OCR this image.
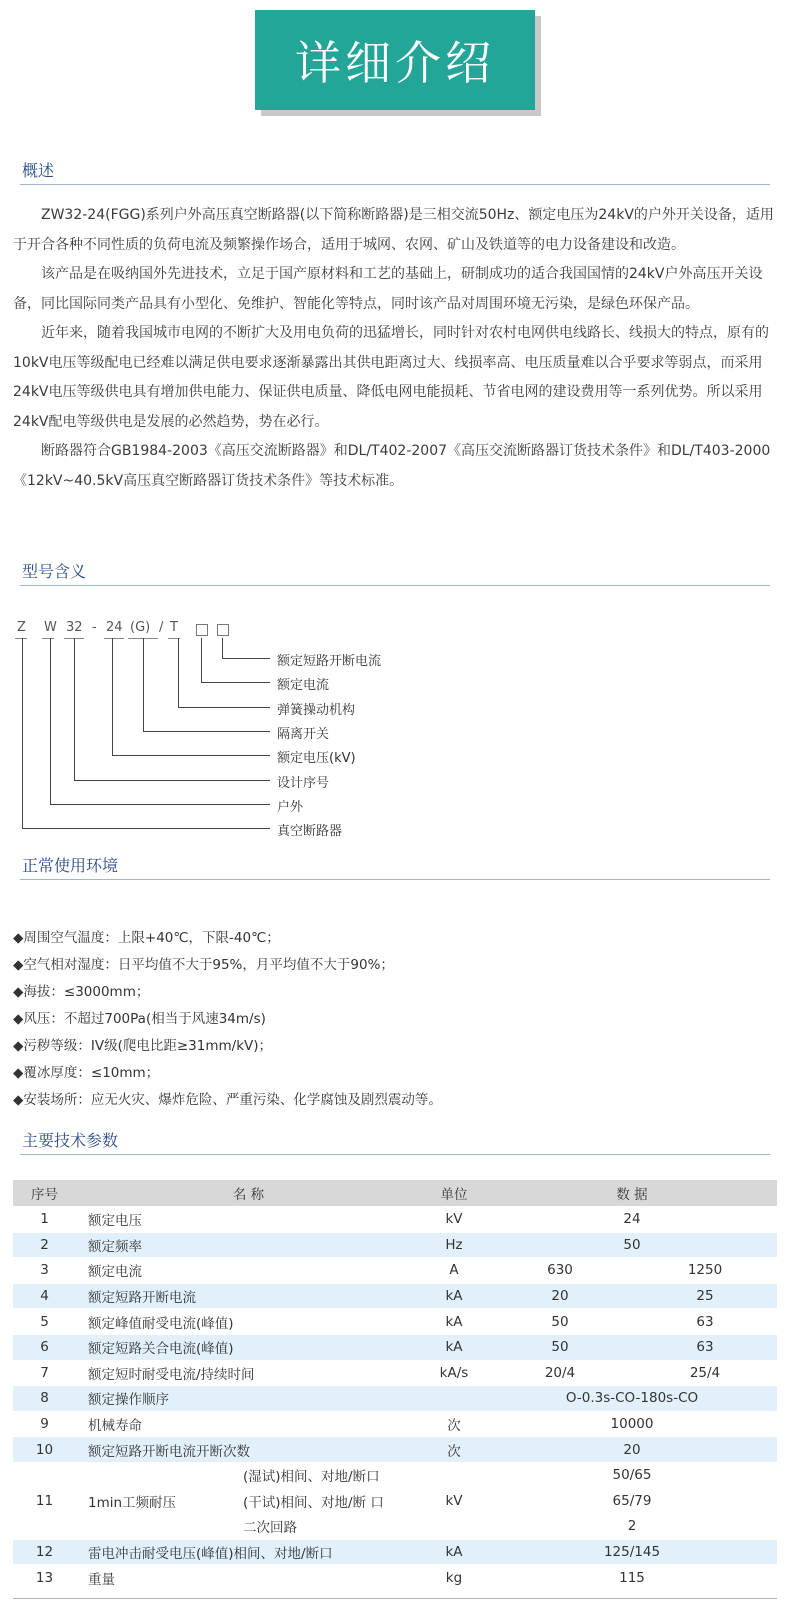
详细介绍
概述

ZW32-24(FGG)系列户外高压真空断路器(以下简称断路器)是三相交流50Hz、额定电压为24kV的户外开关设备，适用于开合各种不同性质的负荷电流及频繁操作场合，适用于城网、农网、矿山及铁道等的电力设备建设和改造。

该产品是在吸纳国外先进技术，立足于国产原材料和工艺的基础上，研制成功的适合我国国情的24kV户外高压开关设备，同比国际同类产品具有小型化、免维护、智能化等特点，同时该产品对周围环境无污染，是绿色环保产品。

近年来，随着我国城市电网的不断扩大及用电负荷的迅猛增长，同时针对农村电网供电线路长、线损大的特点，原有的10kV电压等级配电已经难以满足供电要求逐渐暴露出其供电距离过大、线损率高、电压质量难以合乎要求等弱点，而采用24kV电压等级供电具有增加供电能力、保证供电质量、降低电网电能损耗、节省电网的建设费用等一系列优势。所以采用24kV配电等级供电是发展的必然趋势，势在必行。

断路器符合GB1984-2003《高压交流断路器》和DL/T402-2007《高压交流断路器订货技术条件》和DL/T403-2000《12kV~40.5kV高压真空断路器订货技术条件》等技术标准。

型号含义
Z W 32 - 24 (G) / T
额定短路开断电流
额定电流
弹簧操动机构
隔离开关
额定电压(kV)
设计序号
户外
真空断路器
正常使用环境
◆周围空气温度：上限+40℃，下限-40℃；
◆空气相对湿度：日平均值不大于95%，月平均值不大于90%；
◆海拔：≤3000mm；
◆风压：不超过700Pa(相当于风速34m/s)
◆污秽等级：IV级(爬电比距≥31mm/kV)；
◆覆冰厚度：≤10mm；
◆安装场所：应无火灾、爆炸危险、严重污染、化学腐蚀及剧烈震动等。
主要技术参数
序号	名 称		单位	数 据	
1	额定电压		kV	24	
2	额定频率		Hz	50	
3	额定电流		A	630	1250
4	额定短路开断电流		kA	20	25
5	额定峰值耐受电流(峰值)		kA	50	63
6	额定短路关合电流(峰值)		kA	50	63
7	额定短时耐受电流/持续时间		kA/s	20/4	25/4
8	额定操作顺序			O-0.3s-CO-180s-CO	
9	机械寿命		次	10000	
10	额定短路开断电流开断次数		次	20	
11	1min工频耐压	(湿试)相间、对地/断口	kV	50/65	
		(干试)相间、对地/断 口		65/79	
		二次回路		2	
12	雷电冲击耐受电压(峰值)相间、对地/断口		kA	125/145	
13	重量		kg	115	
